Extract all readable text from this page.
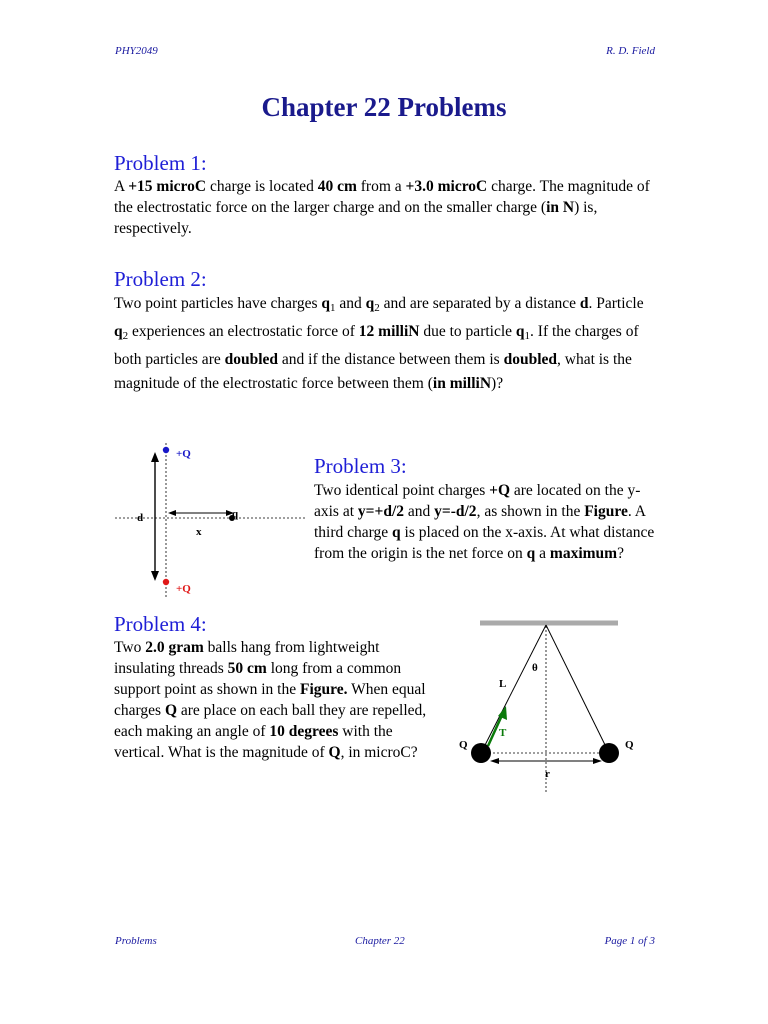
PHY2049	R. D. Field
Chapter 22 Problems
Problem 1:
A +15 microC charge is located 40 cm from a +3.0 microC charge. The magnitude of the electrostatic force on the larger charge and on the smaller charge (in N) is, respectively.
Problem 2:
Two point particles have charges $q_1$ and $q_2$ and are separated by a distance d. Particle $q_2$ experiences an electrostatic force of 12 milliN due to particle $q_1$. If the charges of both particles are doubled and if the distance between them is doubled, what is the magnitude of the electrostatic force between them (in milliN)?
+Q
+Q
d
x
q
Problem 3:
Two identical point charges +Q are located on the y-axis at y=+d/2 and y=-d/2, as shown in the Figure. A third charge q is placed on the x-axis. At what distance from the origin is the net force on q a maximum?
Problem 4:
Two 2.0 gram balls hang from lightweight insulating threads 50 cm long from a common support point as shown in the Figure. When equal charges Q are place on each ball they are repelled, each making an angle of 10 degrees with the vertical. What is the magnitude of Q, in microC?
θ
L
T
Q	Q
r
Problems	Chapter 22	Page 1 of 3
